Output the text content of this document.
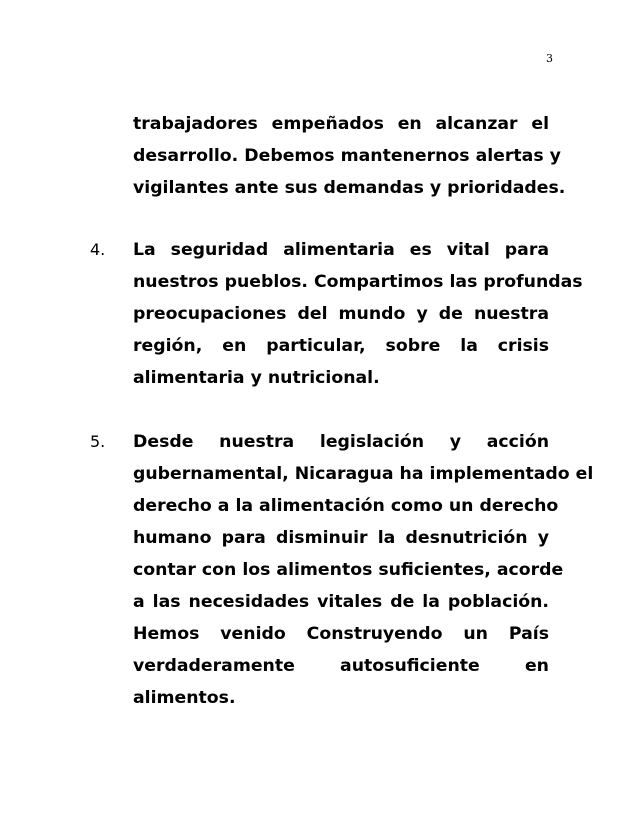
3
trabajadores empeñados en alcanzar el
desarrollo. Debemos mantenernos alertas y
vigilantes ante sus demandas y prioridades.
4. La seguridad alimentaria es vital para
nuestros pueblos. Compartimos las profundas
preocupaciones del mundo y de nuestra
región, en particular, sobre la crisis
alimentaria y nutricional.
5. Desde nuestra legislación y acción
gubernamental, Nicaragua ha implementado el
derecho a la alimentación como un derecho
humano para disminuir la desnutrición y
contar con los alimentos suficientes, acorde
a las necesidades vitales de la población.
Hemos venido Construyendo un País
verdaderamente autosuficiente en
alimentos.
